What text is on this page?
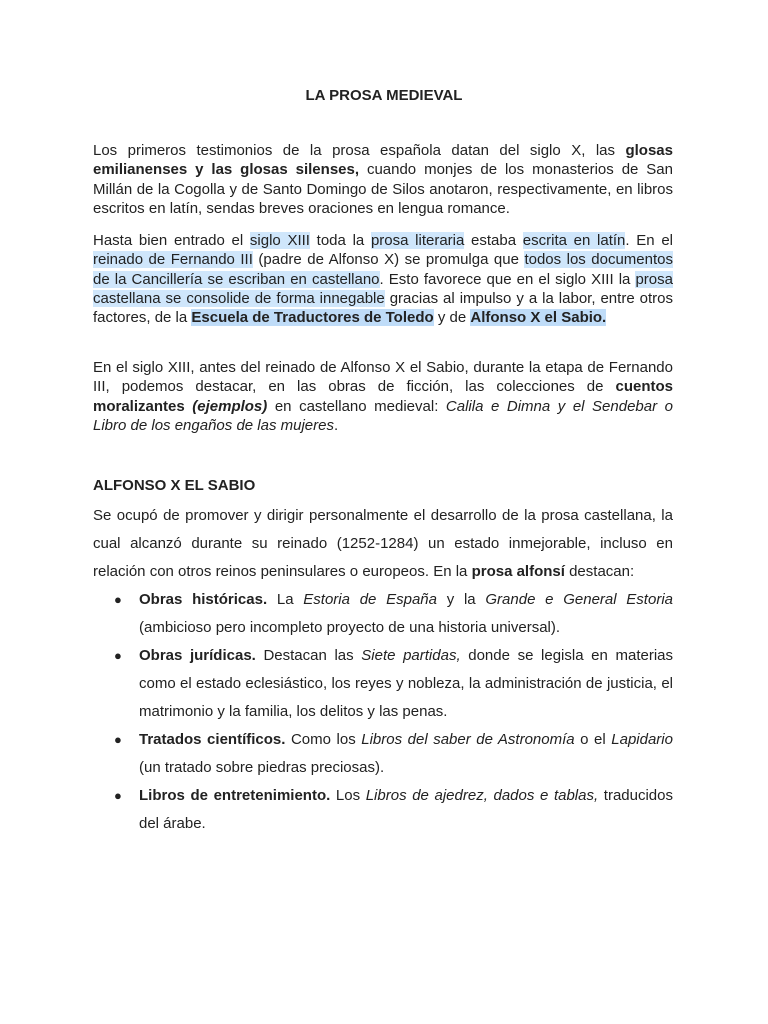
LA PROSA MEDIEVAL

Los primeros testimonios de la prosa española datan del siglo X, las glosas emilianenses y las glosas silenses, cuando monjes de los monasterios de San Millán de la Cogolla y de Santo Domingo de Silos anotaron, respectivamente, en libros escritos en latín, sendas breves oraciones en lengua romance.

Hasta bien entrado el siglo XIII toda la prosa literaria estaba escrita en latín. En el reinado de Fernando III (padre de Alfonso X) se promulga que todos los documentos de la Cancillería se escriban en castellano. Esto favorece que en el siglo XIII la prosa castellana se consolide de forma innegable gracias al impulso y a la labor, entre otros factores, de la Escuela de Traductores de Toledo y de Alfonso X el Sabio.

En el siglo XIII, antes del reinado de Alfonso X el Sabio, durante la etapa de Fernando III, podemos destacar, en las obras de ficción, las colecciones de cuentos moralizantes (ejemplos) en castellano medieval: Calila e Dimna y el Sendebar o Libro de los engaños de las mujeres.

ALFONSO X EL SABIO

Se ocupó de promover y dirigir personalmente el desarrollo de la prosa castellana, la cual alcanzó durante su reinado (1252-1284) un estado inmejorable, incluso en relación con otros reinos peninsulares o europeos. En la prosa alfonsí destacan:

● Obras históricas. La Estoria de España y la Grande e General Estoria (ambicioso pero incompleto proyecto de una historia universal).
● Obras jurídicas. Destacan las Siete partidas, donde se legisla en materias como el estado eclesiástico, los reyes y nobleza, la administración de justicia, el matrimonio y la familia, los delitos y las penas.
● Tratados científicos. Como los Libros del saber de Astronomía o el Lapidario (un tratado sobre piedras preciosas).
● Libros de entretenimiento. Los Libros de ajedrez, dados e tablas, traducidos del árabe.
